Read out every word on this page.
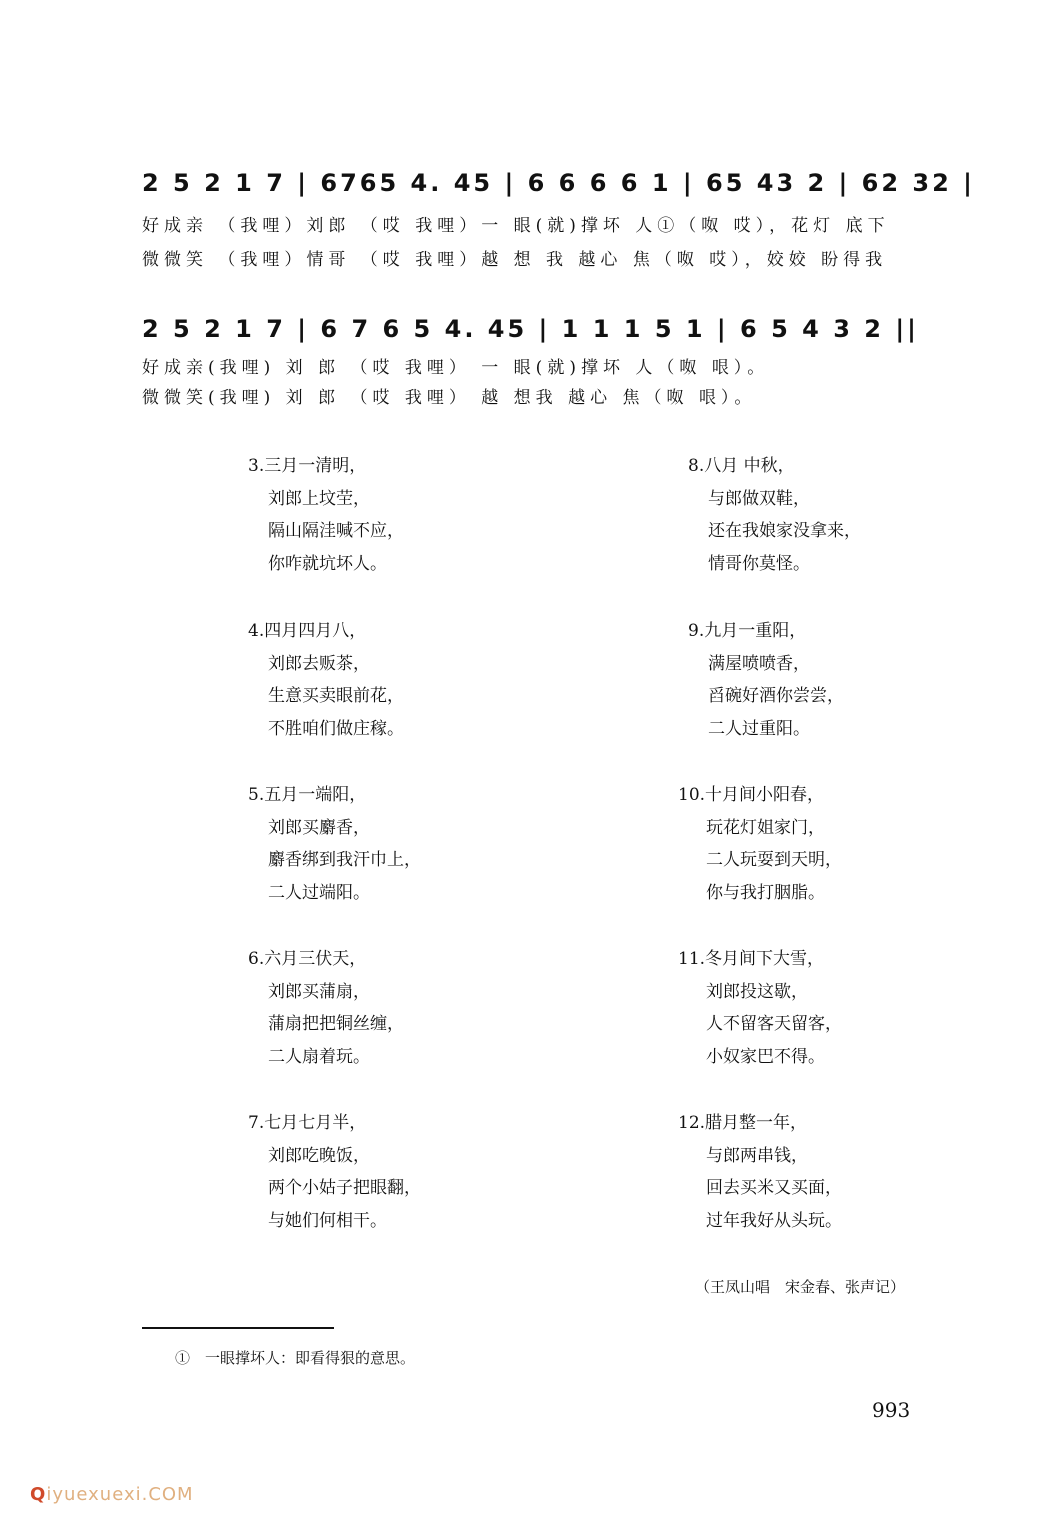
2 5 2 1 7 | 6765 4. 45 | 6 6 6 6 1 | 65 43 2 | 62 32 |
好成亲 （我哩）刘郎 （哎 我哩）一 眼(就)撑坏 人①（呶 哎），花灯 底下
微微笑 （我哩）情哥 （哎 我哩）越 想 我 越心 焦（呶 哎），姣姣 盼得我
2 5 2 1 7 | 6 7 6 5 4. 45 | 1 1 1 5 1 | 6 5 4 3 2 ||
好成亲(我哩) 刘 郎 （哎 我哩） 一 眼(就)撑坏 人（呶 哏）。
微微笑(我哩) 刘 郎 （哎 我哩） 越 想我 越心 焦（呶 哏）。
3.三月一清明，
刘郎上坟茔，
隔山隔洼喊不应，
你咋就坑坏人。
4.四月四月八，
刘郎去贩茶，
生意买卖眼前花，
不胜咱们做庄稼。
5.五月一端阳，
刘郎买麝香，
麝香绑到我汗巾上，
二人过端阳。
6.六月三伏天，
刘郎买蒲扇，
蒲扇把把铜丝缠，
二人扇着玩。
7.七月七月半，
刘郎吃晚饭，
两个小姑子把眼翻，
与她们何相干。
8.八月 中秋，
与郎做双鞋，
还在我娘家没拿来，
情哥你莫怪。
9.九月一重阳，
满屋喷喷香，
舀碗好酒你尝尝，
二人过重阳。
10.十月间小阳春，
玩花灯姐家门，
二人玩耍到天明，
你与我打胭脂。
11.冬月间下大雪，
刘郎投这歇，
人不留客天留客，
小奴家巴不得。
12.腊月整一年，
与郎两串钱，
回去买米又买面，
过年我好从头玩。
（王凤山唱　宋金春、张声记）
①　一眼撑坏人：即看得狠的意思。
993
Qiyuexuexi.COM
